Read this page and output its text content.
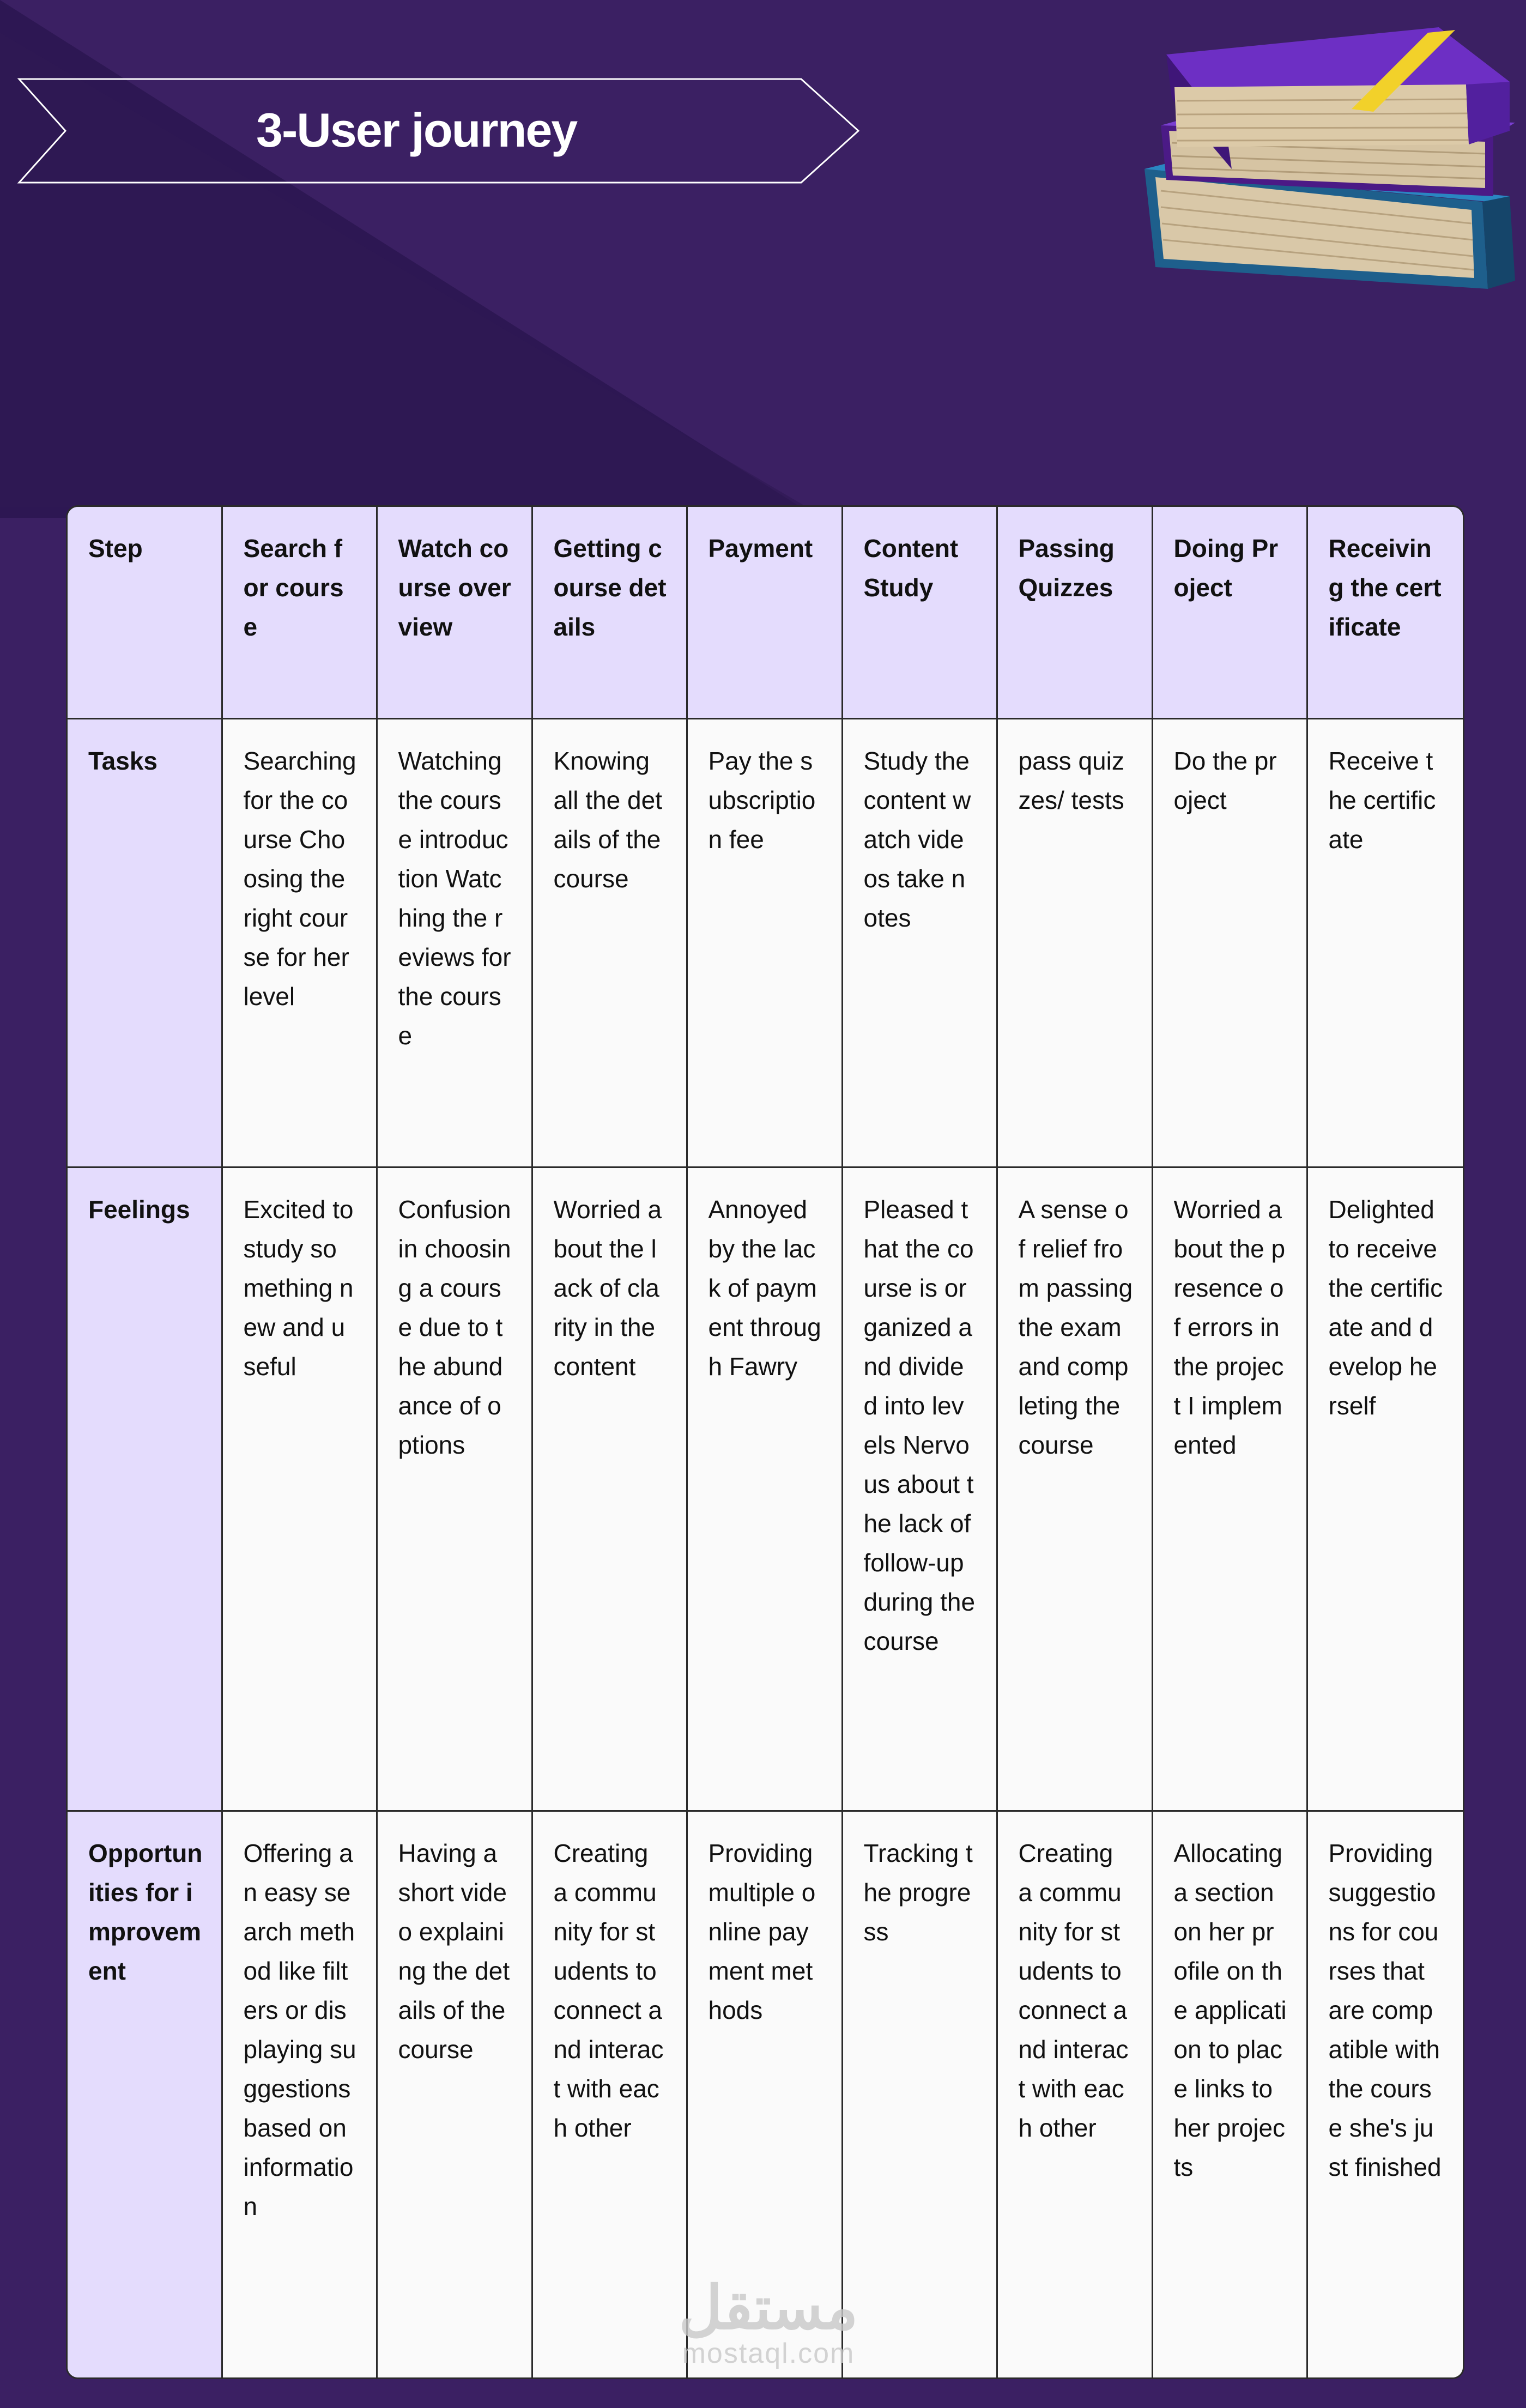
3-User journey
Step	Search for course	Watch course overview	Getting course details	Payment	Content Study	Passing Quizzes	Doing Project	Receiving the certificate
Tasks	Searching for the course Choosing the right course for her level	Watching the course introduction Watching the reviews for the course	Knowing all the details of the course	Pay the subscription fee	Study the content watch videos take notes	pass quizzes/ tests	Do the project	Receive the certificate
Feelings	Excited to study something new and useful	Confusion in choosing a course due to the abundance of options	Worried about the lack of clarity in the content	Annoyed by the lack of payment through Fawry	Pleased that the course is organized and divided into levels Nervous about the lack of follow-up during the course	A sense of relief from passing the exam and completing the course	Worried about the presence of errors in the project I implemented	Delighted to receive the certificate and develop herself
Opportunities for improvement	Offering an easy search method like filters or displaying suggestions based on information	Having a short video explaining the details of the course	Creating a community for students to connect and interact with each other	Providing multiple online payment methods	Tracking the progress	Creating a community for students to connect and interact with each other	Allocating a section on her profile on the application to place links to her projects	Providing suggestions for courses that are compatible with the course she's just finished
مستقل
mostaql.com
